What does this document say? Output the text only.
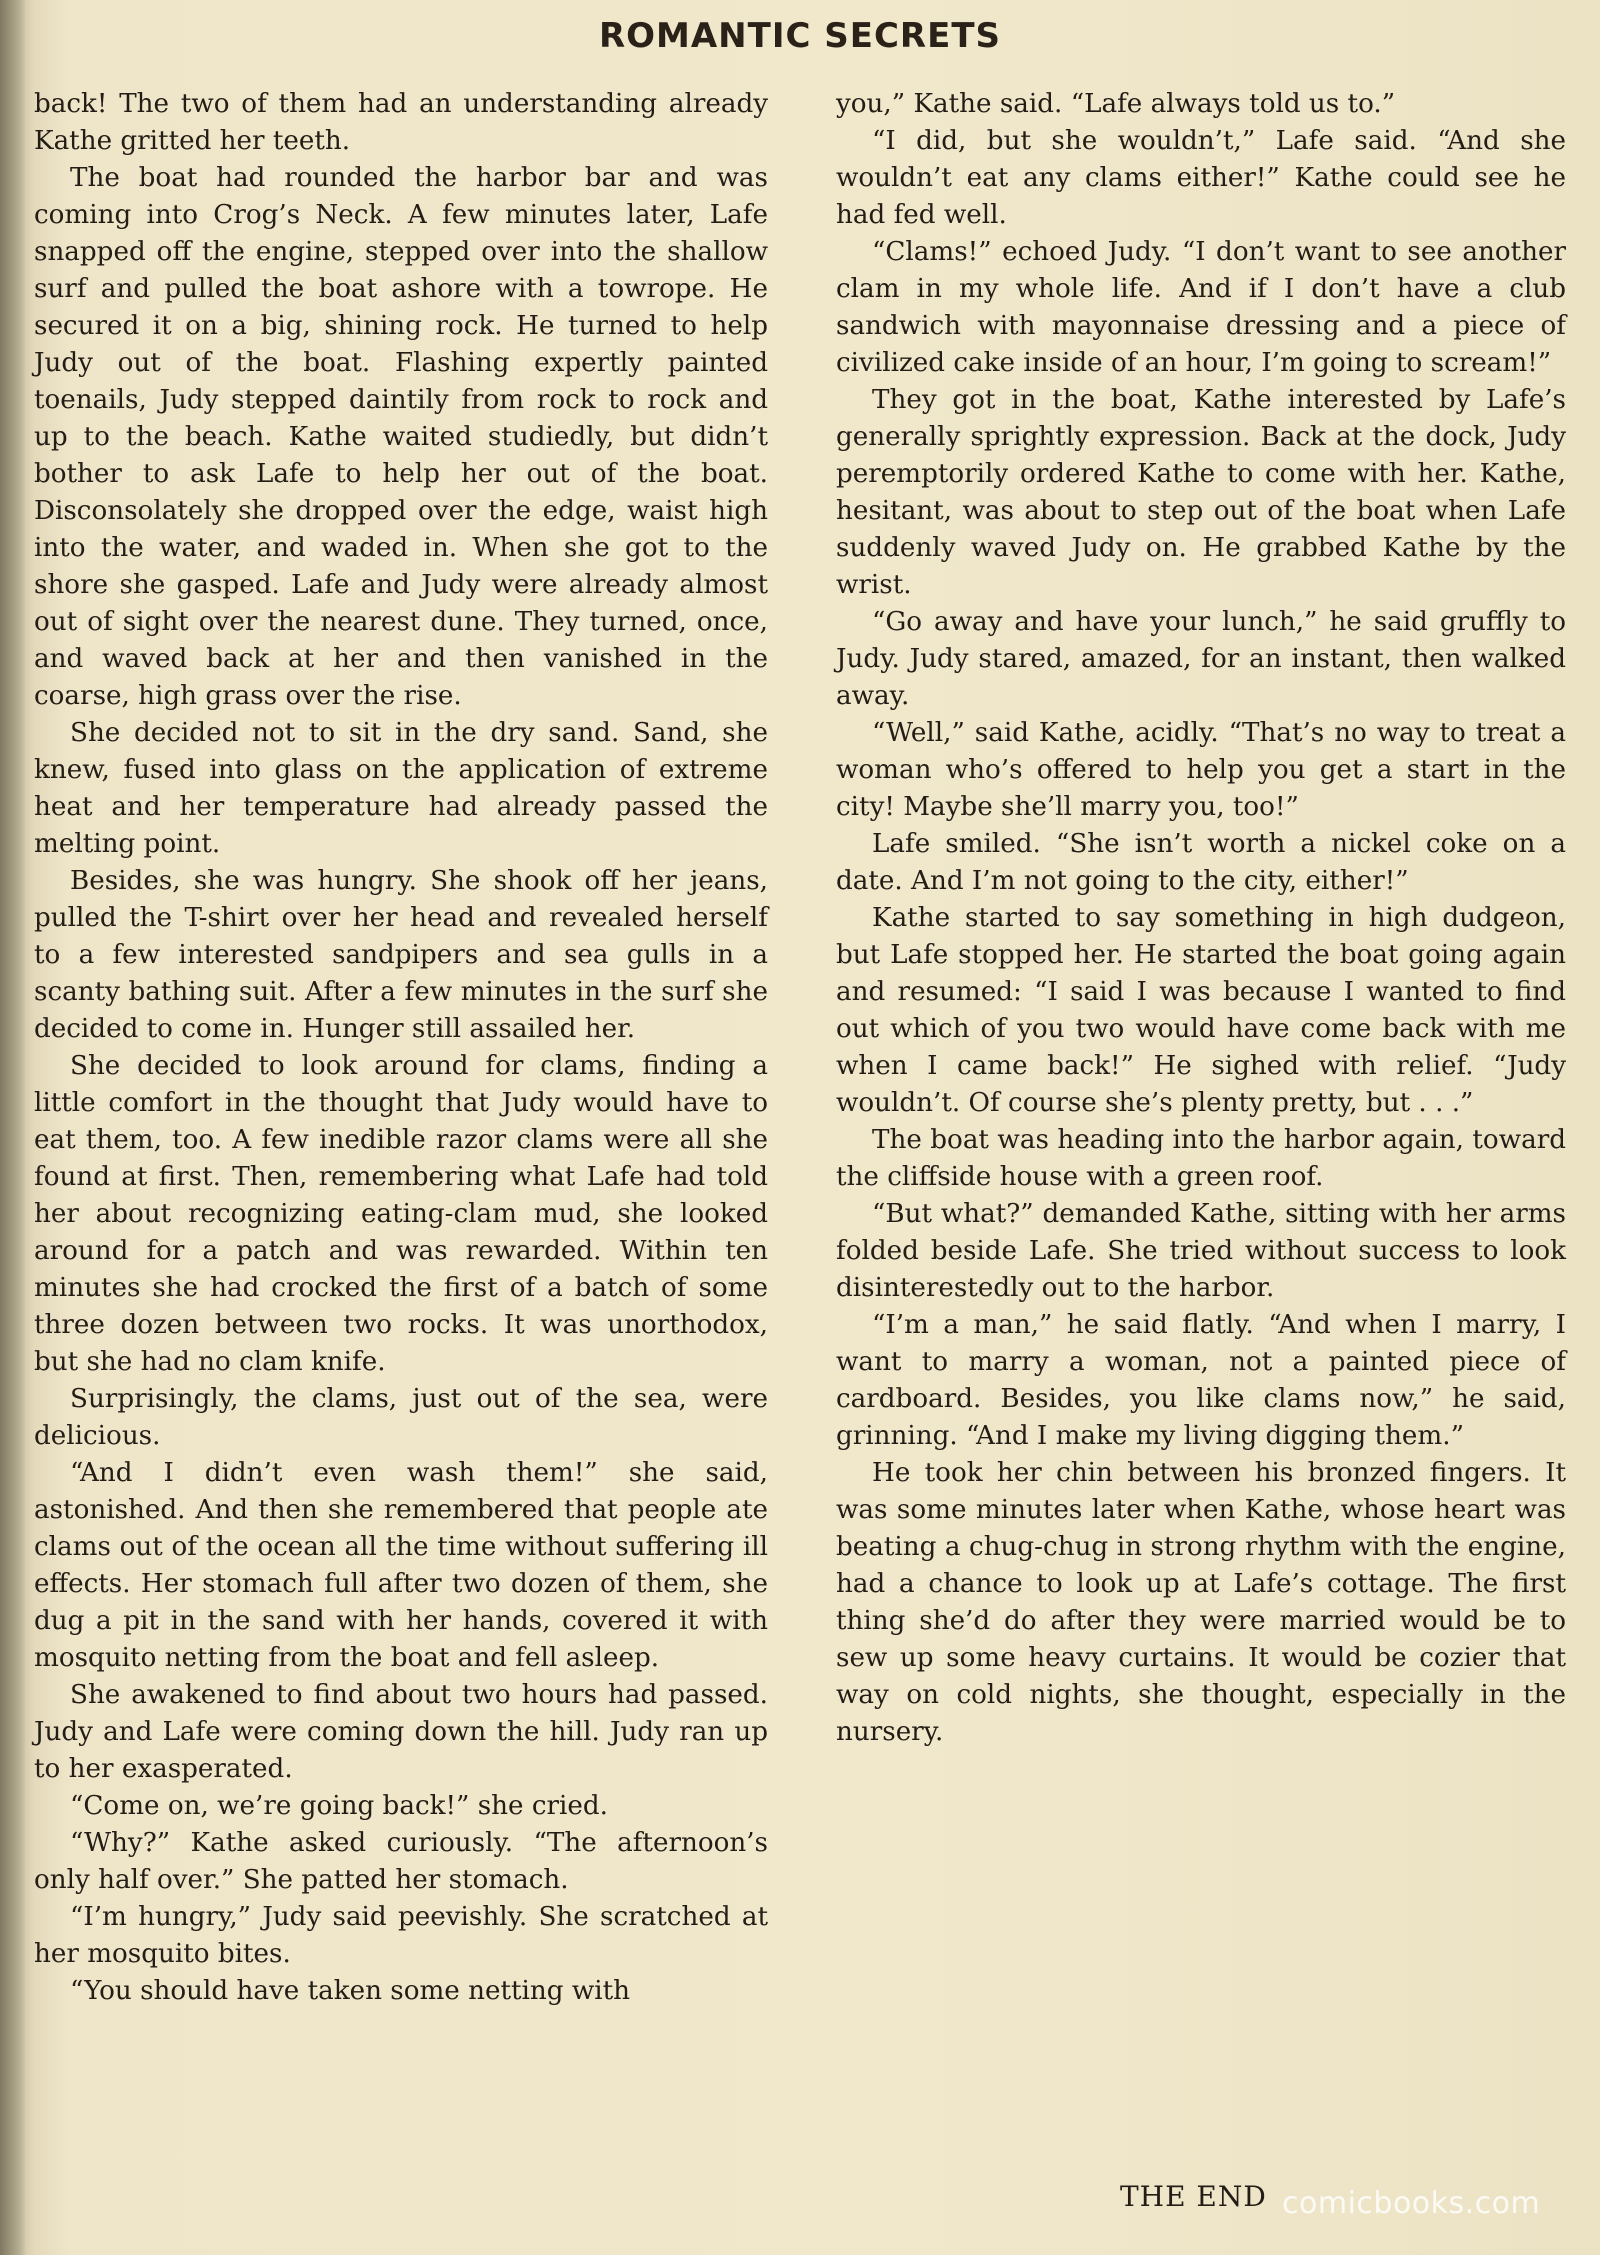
ROMANTIC SECRETS

back! The two of them had an understanding already Kathe gritted her teeth.

The boat had rounded the harbor bar and was coming into Crog’s Neck. A few minutes later, Lafe snapped off the engine, stepped over into the shallow surf and pulled the boat ashore with a towrope. He secured it on a big, shining rock. He turned to help Judy out of the boat. Flashing expertly painted toenails, Judy stepped daintily from rock to rock and up to the beach. Kathe waited studiedly, but didn’t bother to ask Lafe to help her out of the boat. Disconsolately she dropped over the edge, waist high into the water, and waded in. When she got to the shore she gasped. Lafe and Judy were already almost out of sight over the nearest dune. They turned, once, and waved back at her and then vanished in the coarse, high grass over the rise.

She decided not to sit in the dry sand. Sand, she knew, fused into glass on the application of extreme heat and her temperature had already passed the melting point.

Besides, she was hungry. She shook off her jeans, pulled the T-shirt over her head and revealed herself to a few interested sandpipers and sea gulls in a scanty bathing suit. After a few minutes in the surf she decided to come in. Hunger still assailed her.

She decided to look around for clams, finding a little comfort in the thought that Judy would have to eat them, too. A few inedible razor clams were all she found at first. Then, remembering what Lafe had told her about recognizing eating-clam mud, she looked around for a patch and was rewarded. Within ten minutes she had crocked the first of a batch of some three dozen between two rocks. It was unorthodox, but she had no clam knife.

Surprisingly, the clams, just out of the sea, were delicious.

“And I didn’t even wash them!” she said, astonished. And then she remembered that people ate clams out of the ocean all the time without suffering ill effects. Her stomach full after two dozen of them, she dug a pit in the sand with her hands, covered it with mosquito netting from the boat and fell asleep.

She awakened to find about two hours had passed. Judy and Lafe were coming down the hill. Judy ran up to her exasperated.

“Come on, we’re going back!” she cried.

“Why?” Kathe asked curiously. “The afternoon’s only half over.” She patted her stomach.

“I’m hungry,” Judy said peevishly. She scratched at her mosquito bites.

“You should have taken some netting with

you,” Kathe said. “Lafe always told us to.”

“I did, but she wouldn’t,” Lafe said. “And she wouldn’t eat any clams either!” Kathe could see he had fed well.

“Clams!” echoed Judy. “I don’t want to see another clam in my whole life. And if I don’t have a club sandwich with mayonnaise dressing and a piece of civilized cake inside of an hour, I’m going to scream!”

They got in the boat, Kathe interested by Lafe’s generally sprightly expression. Back at the dock, Judy peremptorily ordered Kathe to come with her. Kathe, hesitant, was about to step out of the boat when Lafe suddenly waved Judy on. He grabbed Kathe by the wrist.

“Go away and have your lunch,” he said gruffly to Judy. Judy stared, amazed, for an instant, then walked away.

“Well,” said Kathe, acidly. “That’s no way to treat a woman who’s offered to help you get a start in the city! Maybe she’ll marry you, too!”

Lafe smiled. “She isn’t worth a nickel coke on a date. And I’m not going to the city, either!”

Kathe started to say something in high dudgeon, but Lafe stopped her. He started the boat going again and resumed: “I said I was because I wanted to find out which of you two would have come back with me when I came back!” He sighed with relief. “Judy wouldn’t. Of course she’s plenty pretty, but . . .”

The boat was heading into the harbor again, toward the cliffside house with a green roof.

“But what?” demanded Kathe, sitting with her arms folded beside Lafe. She tried without success to look disinterestedly out to the harbor.

“I’m a man,” he said flatly. “And when I marry, I want to marry a woman, not a painted piece of cardboard. Besides, you like clams now,” he said, grinning. “And I make my living digging them.”

He took her chin between his bronzed fingers. It was some minutes later when Kathe, whose heart was beating a chug-chug in strong rhythm with the engine, had a chance to look up at Lafe’s cottage. The first thing she’d do after they were married would be to sew up some heavy curtains. It would be cozier that way on cold nights, she thought, especially in the nursery.

THE END comicbooks.com
